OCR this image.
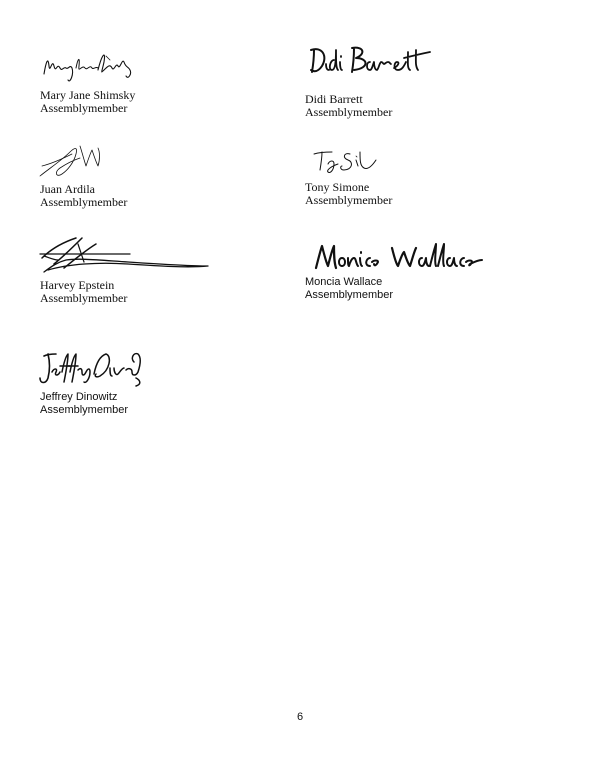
Mary Jane Shimsky
Assemblymember
Didi Barrett
Assemblymember
Juan Ardila
Assemblymember
Tony Simone
Assemblymember
Harvey Epstein
Assemblymember
Moncia Wallace
Assemblymember
Jeffrey Dinowitz
Assemblymember
6
